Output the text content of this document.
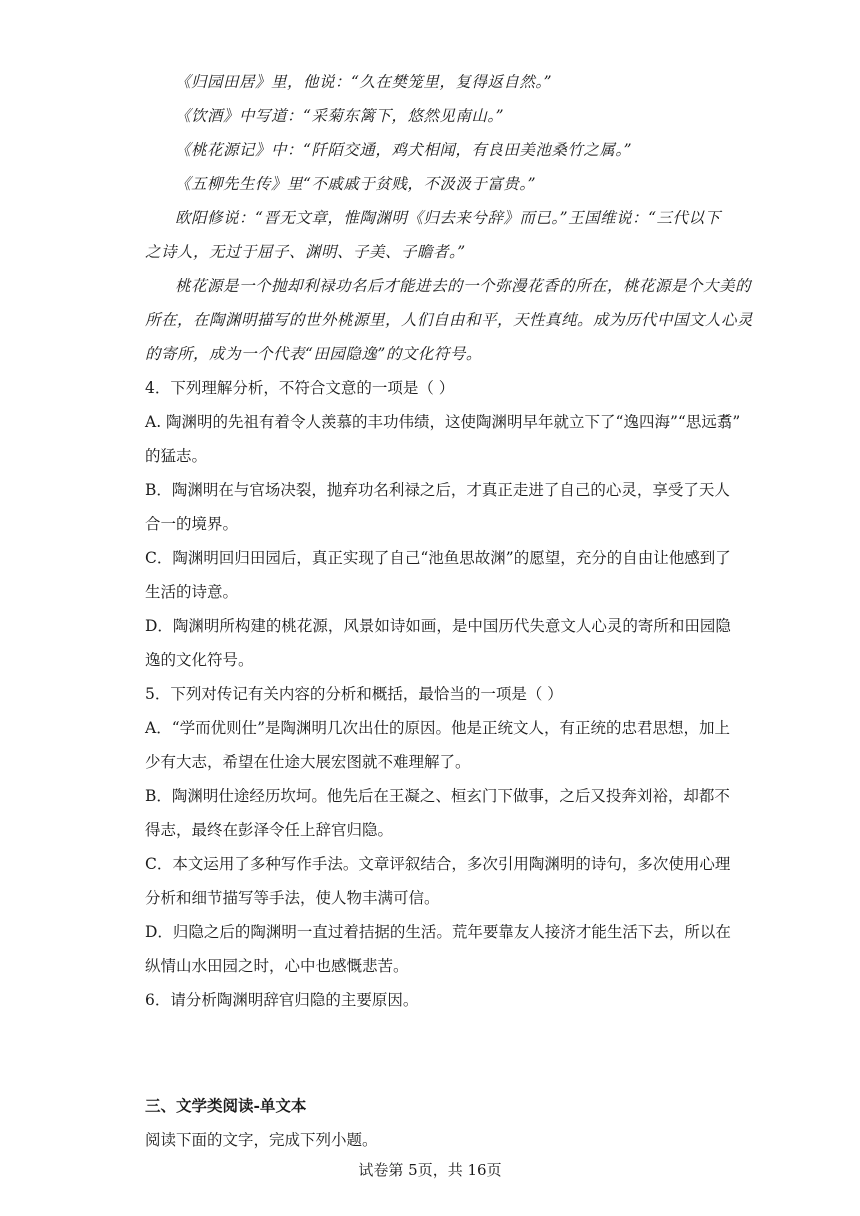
《归园田居》里，他说：“久在樊笼里，复得返自然。”
《饮酒》中写道：“采菊东篱下，悠然见南山。”
《桃花源记》中：“阡陌交通，鸡犬相闻，有良田美池桑竹之属。”
《五柳先生传》里“不戚戚于贫贱，不汲汲于富贵。”
欧阳修说：“晋无文章，惟陶渊明《归去来兮辞》而已。”王国维说：“三代以下
之诗人，无过于屈子、渊明、子美、子瞻者。”
桃花源是一个抛却利禄功名后才能进去的一个弥漫花香的所在，桃花源是个大美的
所在，在陶渊明描写的世外桃源里，人们自由和平，天性真纯。成为历代中国文人心灵
的寄所，成为一个代表“田园隐逸”的文化符号。
4．下列理解分析，不符合文意的一项是（ ）
A. 陶渊明的先祖有着令人羡慕的丰功伟绩，这使陶渊明早年就立下了“逸四海”“思远翥”
的猛志。
B．陶渊明在与官场决裂，抛弃功名利禄之后，才真正走进了自己的心灵，享受了天人
合一的境界。
C．陶渊明回归田园后，真正实现了自己“池鱼思故渊”的愿望，充分的自由让他感到了
生活的诗意。
D．陶渊明所构建的桃花源，风景如诗如画，是中国历代失意文人心灵的寄所和田园隐
逸的文化符号。
5．下列对传记有关内容的分析和概括，最恰当的一项是（ ）
A．“学而优则仕”是陶渊明几次出仕的原因。他是正统文人，有正统的忠君思想，加上
少有大志，希望在仕途大展宏图就不难理解了。
B．陶渊明仕途经历坎坷。他先后在王凝之、桓玄门下做事，之后又投奔刘裕，却都不
得志，最终在彭泽令任上辞官归隐。
C．本文运用了多种写作手法。文章评叙结合，多次引用陶渊明的诗句，多次使用心理
分析和细节描写等手法，使人物丰满可信。
D．归隐之后的陶渊明一直过着拮据的生活。荒年要靠友人接济才能生活下去，所以在
纵情山水田园之时，心中也感慨悲苦。
6．请分析陶渊明辞官归隐的主要原因。
三、文学类阅读-单文本
阅读下面的文字，完成下列小题。
试卷第 5页，共 16页
